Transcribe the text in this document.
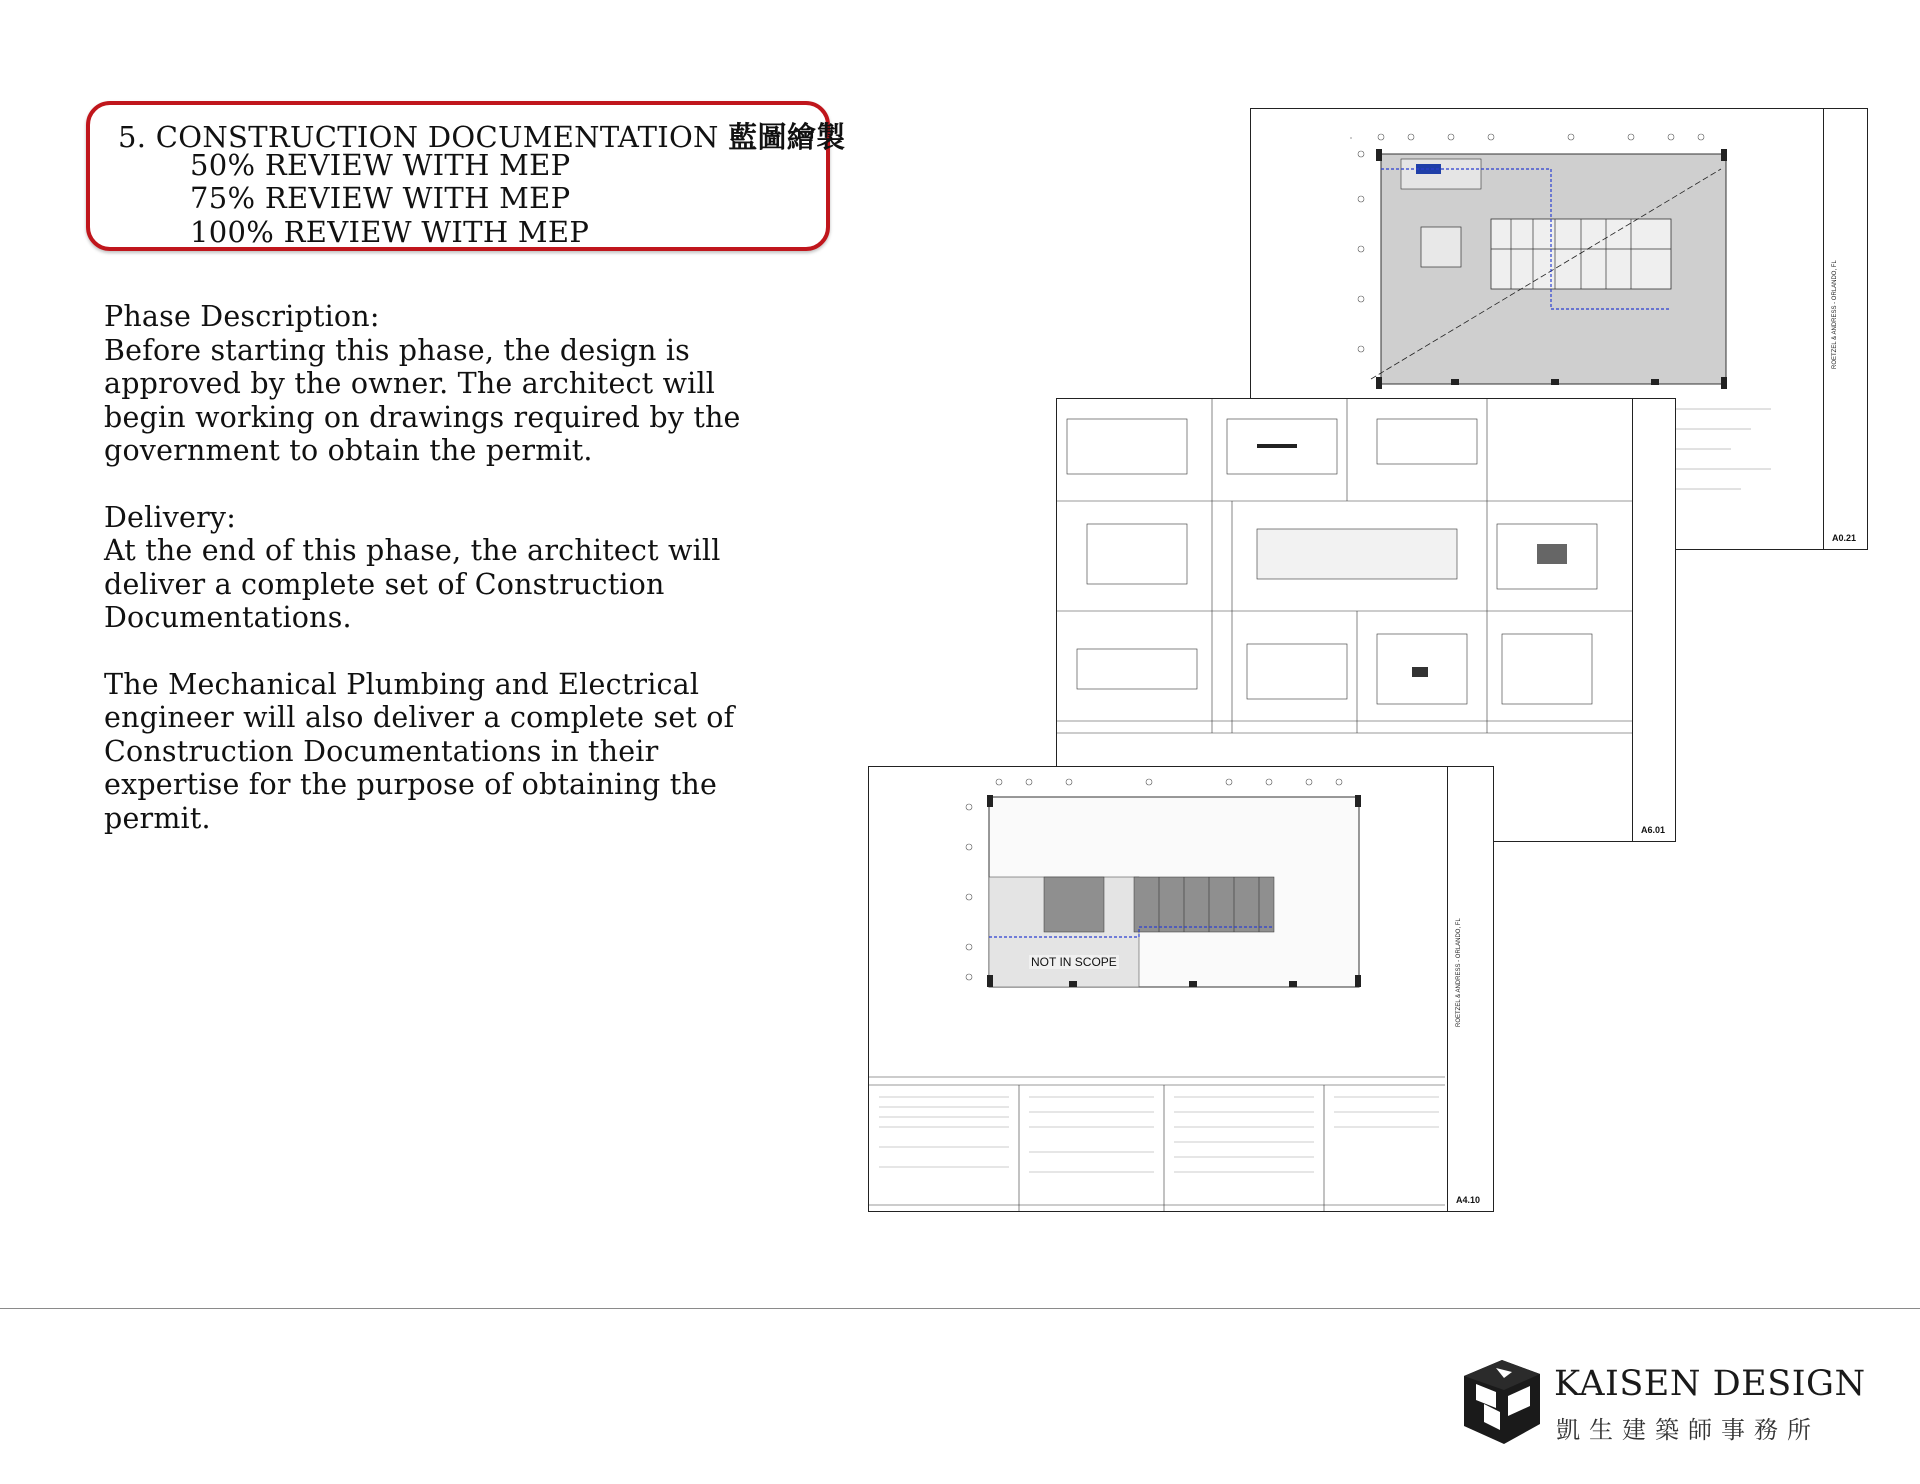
5. CONSTRUCTION DOCUMENTATION 藍圖繪製
50% REVIEW WITH MEP
75% REVIEW WITH MEP
100% REVIEW WITH MEP

Phase Description:
Before starting this phase, the design is approved by the owner. The architect will begin working on drawings required by the government to obtain the permit.

Delivery:
At the end of this phase, the architect will deliver a complete set of Construction Documentations.

The Mechanical Plumbing and Electrical engineer will also deliver a complete set of Construction Documentations in their expertise for the purpose of obtaining the permit.

ROETZEL & ANDRESS - ORLANDO, FL
A0.21
A6.01
NOT IN SCOPE	ROETZEL & ANDRESS - ORLANDO, FL
A4.10
KAISEN DESIGN
凱生建築師事務所
